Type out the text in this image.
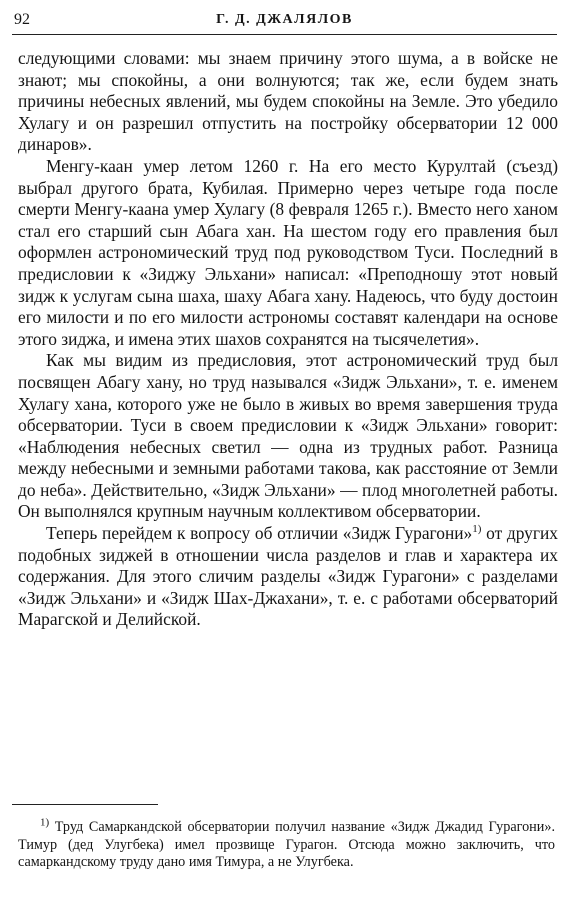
92	Г. Д. ДЖАЛЯЛОВ

следующими словами: мы знаем причину этого шума, а в войске не знают; мы спокойны, а они волнуются; так же, если будем знать причины небесных явлений, мы будем спокойны на Земле. Это убедило Хулагу и он разрешил отпустить на постройку обсерватории 12 000 динаров».

Менгу-каан умер летом 1260 г. На его место Курултай (съезд) выбрал другого брата, Кубилая. Примерно через четыре года после смерти Менгу-каана умер Хулагу (8 февраля 1265 г.). Вместо него ханом стал его старший сын Абага хан. На шестом году его правления был оформлен астрономический труд под руководством Туси. Последний в предисловии к «Зиджу Эльхани» написал: «Преподношу этот новый зидж к услугам сына шаха, шаху Абага хану. Надеюсь, что буду достоин его милости и по его милости астрономы составят календари на основе этого зиджа, и имена этих шахов сохранятся на тысячелетия».

Как мы видим из предисловия, этот астрономический труд был посвящен Абагу хану, но труд назывался «Зидж Эльхани», т. е. именем Хулагу хана, которого уже не было в живых во время завершения труда обсерватории. Туси в своем предисловии к «Зидж Эльхани» говорит: «Наблюдения небесных светил — одна из трудных работ. Разница между небесными и земными работами такова, как расстояние от Земли до неба». Действительно, «Зидж Эльхани» — плод многолетней работы. Он выполнялся крупным научным коллективом обсерватории.

Теперь перейдем к вопросу об отличии «Зидж Гурагони»$^{1)}$ от других подобных зиджей в отношении числа разделов и глав и характера их содержания. Для этого сличим разделы «Зидж Гурагони» с разделами «Зидж Эльхани» и «Зидж Шах-Джахани», т. е. с работами обсерваторий Марагской и Делийской.

$^{1)}$ Труд Самаркандской обсерватории получил название «Зидж Джадид Гурагони». Тимур (дед Улугбека) имел прозвище Гурагон. Отсюда можно заключить, что самаркандскому труду дано имя Тимура, а не Улугбека.
